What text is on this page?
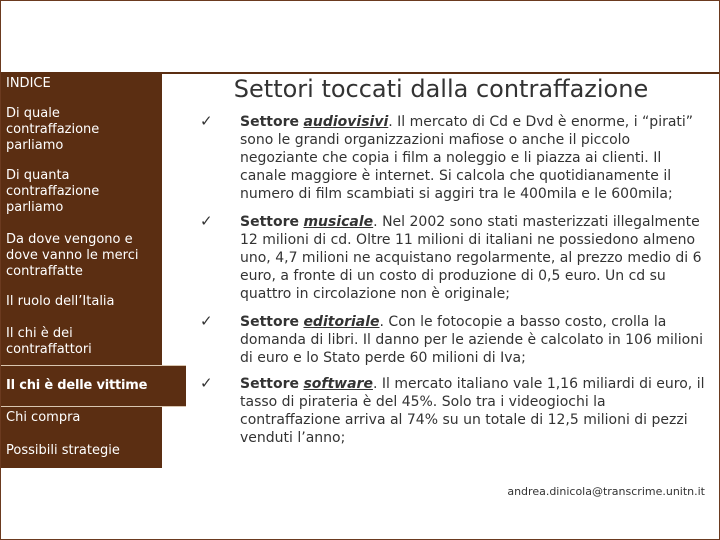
INDICE
Di quale contraffazione parliamo
Di quanta contraffazione parliamo
Da dove vengono e dove vanno le merci contraffatte
Il ruolo dell’Italia
Il chi è dei contraffattori
Il chi è delle vittime
Chi compra
Possibili strategie
Settori toccati dalla contraffazione
✓ Settore audiovisivi. Il mercato di Cd e Dvd è enorme, i “pirati” sono le grandi organizzazioni mafiose o anche il piccolo negoziante che copia i film a noleggio e li piazza ai clienti. Il canale maggiore è internet. Si calcola che quotidianamente il numero di film scambiati si aggiri tra le 400mila e le 600mila;
✓ Settore musicale. Nel 2002 sono stati masterizzati illegalmente 12 milioni di cd. Oltre 11 milioni di italiani ne possiedono almeno uno, 4,7 milioni ne acquistano regolarmente, al prezzo medio di 6 euro, a fronte di un costo di produzione di 0,5 euro. Un cd su quattro in circolazione non è originale;
✓ Settore editoriale. Con le fotocopie a basso costo, crolla la domanda di libri. Il danno per le aziende è calcolato in 106 milioni di euro e lo Stato perde 60 milioni di Iva;
✓ Settore software. Il mercato italiano vale 1,16 miliardi di euro, il tasso di pirateria è del 45%. Solo tra i videogiochi la contraffazione arriva al 74% su un totale di 12,5 milioni di pezzi venduti l’anno;
andrea.dinicola@transcrime.unitn.it
